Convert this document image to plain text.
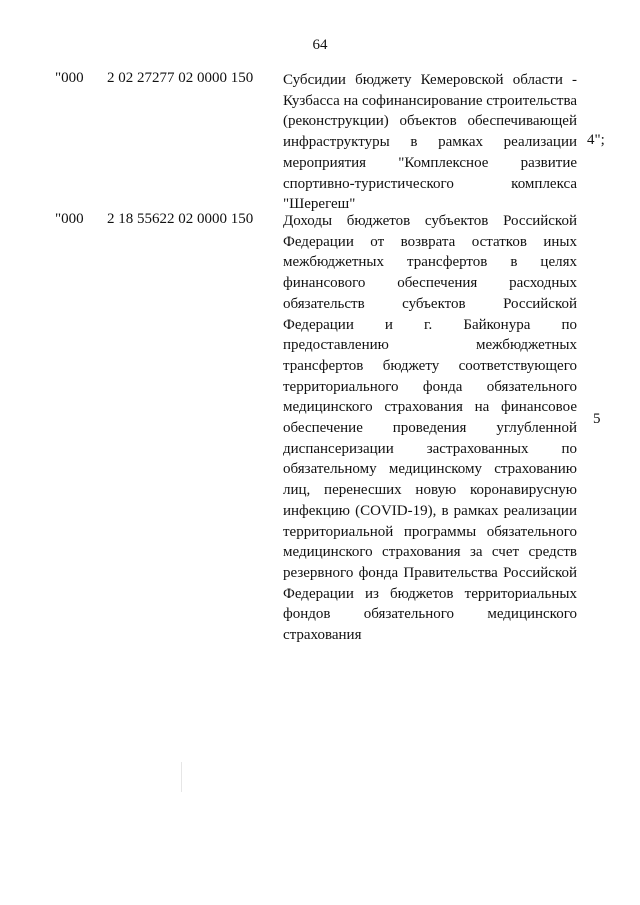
64
"000 2 02 27277 02 0000 150 Субсидии бюджету Кемеровской области - Кузбасса на софинансирование строительства (реконструкции) объектов обеспечивающей инфраструктуры в рамках реализации мероприятия "Комплексное развитие спортивно-туристического комплекса "Шерегеш"
4";
"000 2 18 55622 02 0000 150 Доходы бюджетов субъектов Российской Федерации от возврата остатков иных межбюджетных трансфертов в целях финансового обеспечения расходных обязательств субъектов Российской Федерации и г. Байконура по предоставлению межбюджетных трансфертов бюджету соответствующего территориального фонда обязательного медицинского страхования на финансовое обеспечение проведения углубленной диспансеризации застрахованных по обязательному медицинскому страхованию лиц, перенесших новую коронавирусную инфекцию (COVID-19), в рамках реализации территориальной программы обязательного медицинского страхования за счет средств резервного фонда Правительства Российской Федерации из бюджетов территориальных фондов обязательного медицинского страхования
5
